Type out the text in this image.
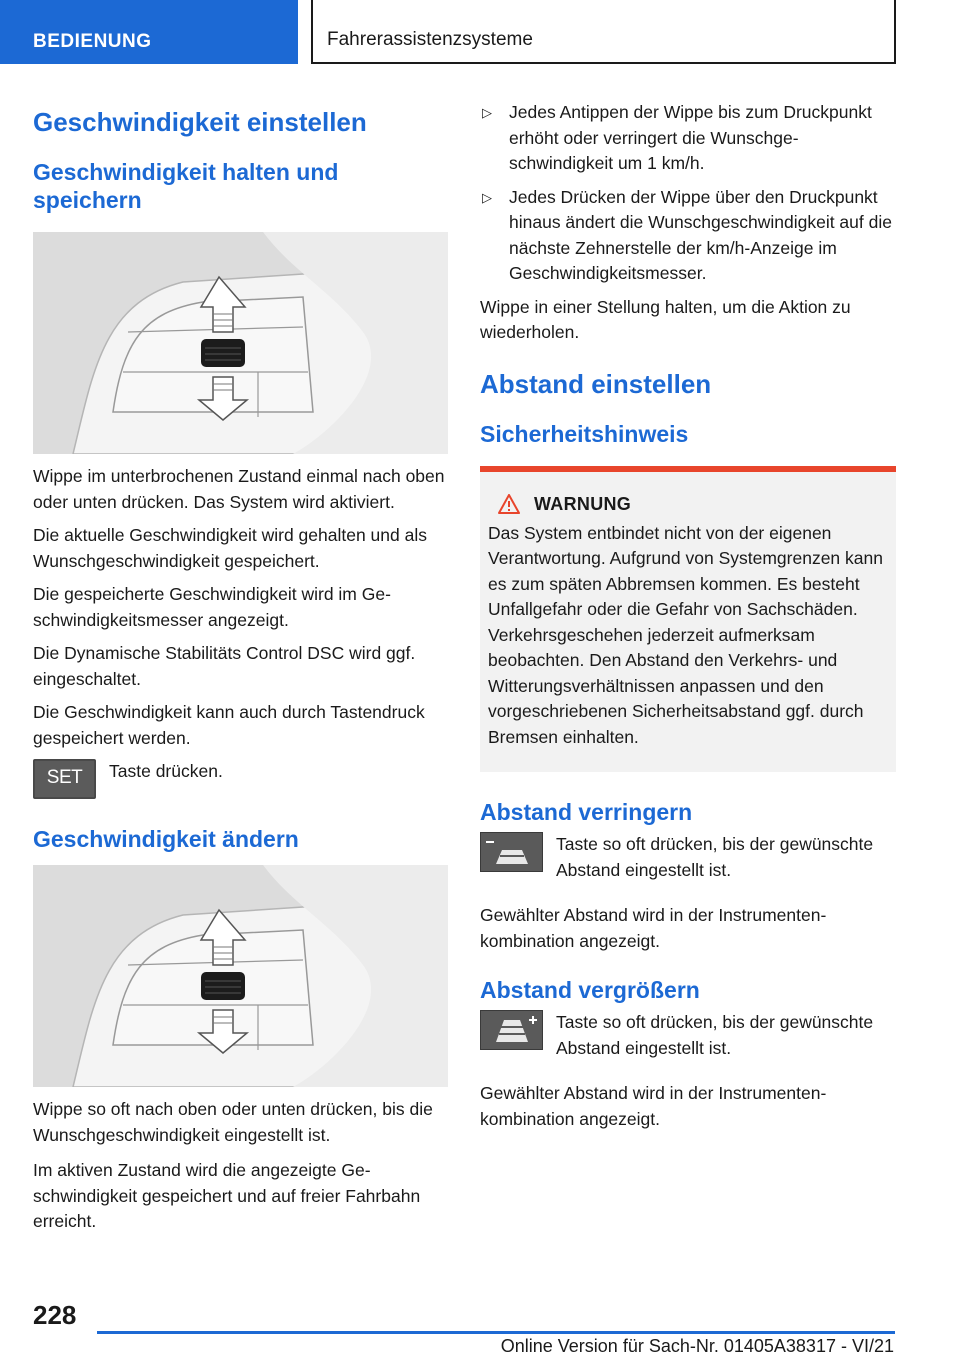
BEDIENUNG	Fahrerassistenzsysteme
Geschwindigkeit einstellen
Geschwindigkeit halten und speichern

Wippe im unterbrochenen Zustand einmal nach oben oder unten drücken. Das System wird aktiviert.

Die aktuelle Geschwindigkeit wird gehalten und als Wunschgeschwindigkeit gespeichert.

Die gespeicherte Geschwindigkeit wird im Geschwindigkeitsmesser angezeigt.

Die Dynamische Stabilitäts Control DSC wird ggf. eingeschaltet.

Die Geschwindigkeit kann auch durch Tastendruck gespeichert werden.

SET	Taste drücken.

Geschwindigkeit ändern

Wippe so oft nach oben oder unten drücken, bis die Wunschgeschwindigkeit eingestellt ist.

Im aktiven Zustand wird die angezeigte Geschwindigkeit gespeichert und auf freier Fahrbahn erreicht.

▷ Jedes Antippen der Wippe bis zum Druckpunkt erhöht oder verringert die Wunschgeschwindigkeit um 1 km/h.
▷ Jedes Drücken der Wippe über den Druckpunkt hinaus ändert die Wunschgeschwindigkeit auf die nächste Zehnerstelle der km/h-Anzeige im Geschwindigkeitsmesser.

Wippe in einer Stellung halten, um die Aktion zu wiederholen.

Abstand einstellen
Sicherheitshinweis
WARNUNG

Das System entbindet nicht von der eigenen Verantwortung. Aufgrund von Systemgrenzen kann es zum späten Abbremsen kommen. Es besteht Unfallgefahr oder die Gefahr von Sachschäden. Verkehrsgeschehen jederzeit aufmerksam beobachten. Den Abstand den Verkehrs- und Witterungsverhältnissen anpassen und den vorgeschriebenen Sicherheitsabstand ggf. durch Bremsen einhalten.

Abstand verringern

Taste so oft drücken, bis der gewünschte Abstand eingestellt ist.

Gewählter Abstand wird in der Instrumentenkombination angezeigt.

Abstand vergrößern

Taste so oft drücken, bis der gewünschte Abstand eingestellt ist.

Gewählter Abstand wird in der Instrumentenkombination angezeigt.

228
Online Version für Sach-Nr. 01405A38317 - VI/21
